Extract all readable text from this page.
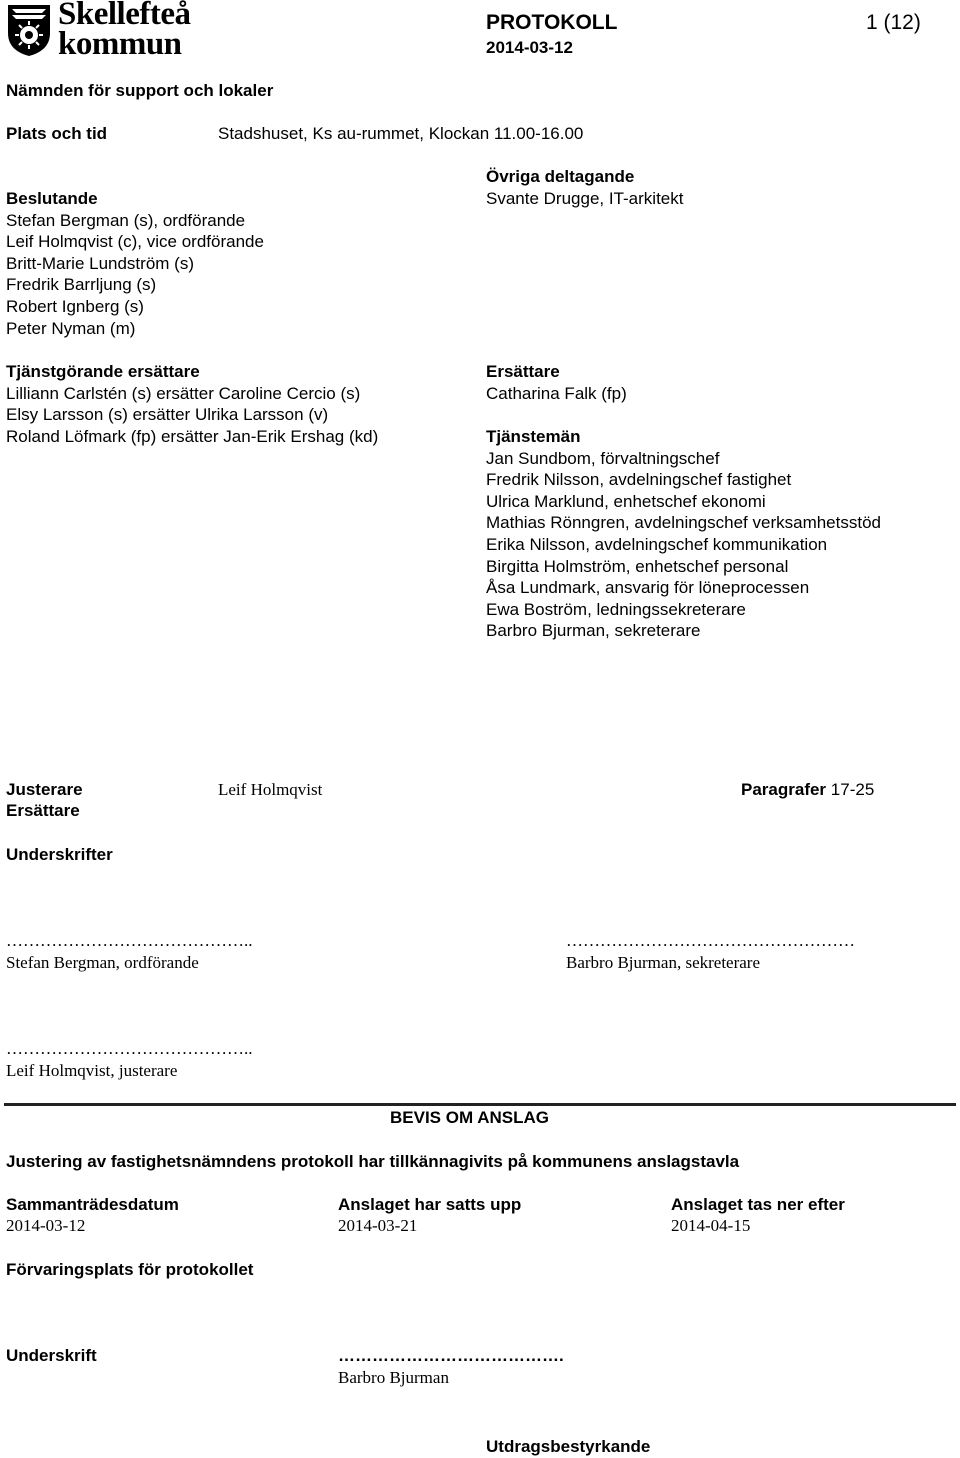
Skellefteå
kommun
PROTOKOLL
2014-03-12
1 (12)
Nämnden för support och lokaler
Plats och tid	Stadshuset, Ks au-rummet, Klockan 11.00-16.00
Beslutande
Stefan Bergman (s), ordförande
Leif Holmqvist (c), vice ordförande
Britt-Marie Lundström (s)
Fredrik Barrljung (s)
Robert Ignberg (s)
Peter Nyman (m)
Tjänstgörande ersättare
Lilliann Carlstén (s) ersätter Caroline Cercio (s)
Elsy Larsson (s) ersätter Ulrika Larsson (v)
Roland Löfmark (fp) ersätter Jan-Erik Ershag (kd)
Övriga deltagande
Svante Drugge, IT-arkitekt
Ersättare
Catharina Falk (fp)
Tjänstemän
Jan Sundbom, förvaltningschef
Fredrik Nilsson, avdelningschef fastighet
Ulrica Marklund, enhetschef ekonomi
Mathias Rönngren, avdelningschef verksamhetsstöd
Erika Nilsson, avdelningschef kommunikation
Birgitta Holmström, enhetschef personal
Åsa Lundmark, ansvarig för löneprocessen
Ewa Boström, ledningssekreterare
Barbro Bjurman, sekreterare
Justerare	Leif Holmqvist	Paragrafer 17-25
Ersättare
Underskrifter
……………………………………..
Stefan Bergman, ordförande
……………………………………………
Barbro Bjurman, sekreterare
……………………………………..
Leif Holmqvist, justerare
BEVIS OM ANSLAG
Justering av fastighetsnämndens protokoll har tillkännagivits på kommunens anslagstavla
Sammanträdesdatum
2014-03-12
Anslaget har satts upp
2014-03-21
Anslaget tas ner efter
2014-04-15
Förvaringsplats för protokollet
Underskrift	………………………………….
Barbro Bjurman
Utdragsbestyrkande
